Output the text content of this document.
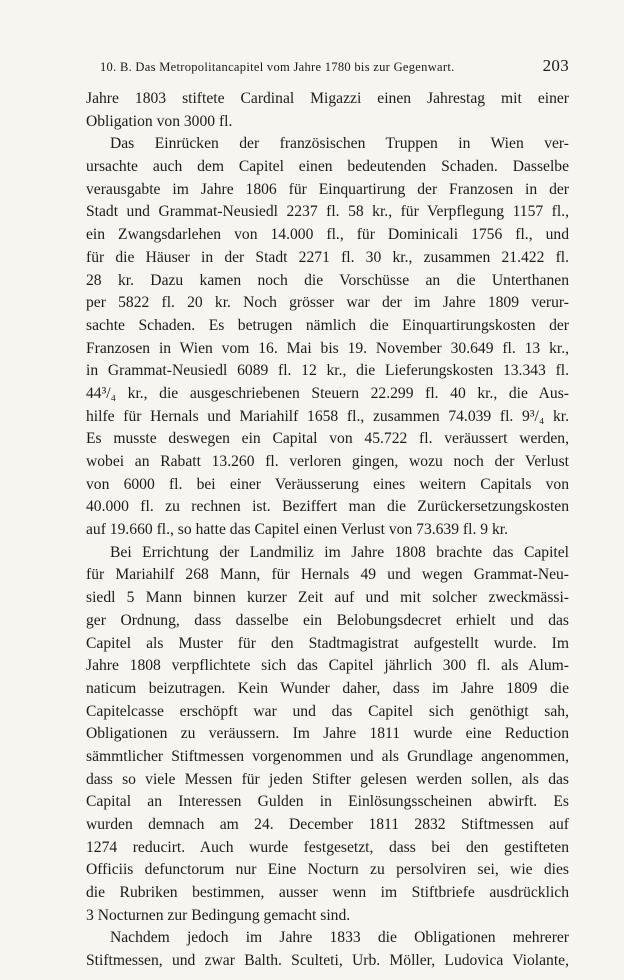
10. B. Das Metropolitancapitel vom Jahre 1780 bis zur Gegenwart.	203
Jahre 1803 stiftete Cardinal Migazzi einen Jahrestag mit einer
Obligation von 3000 fl.
Das Einrücken der französischen Truppen in Wien ver-
ursachte auch dem Capitel einen bedeutenden Schaden. Dasselbe
verausgabte im Jahre 1806 für Einquartirung der Franzosen in der
Stadt und Grammat-Neusiedl 2237 fl. 58 kr., für Verpflegung 1157 fl.,
ein Zwangsdarlehen von 14.000 fl., für Dominicali 1756 fl., und
für die Häuser in der Stadt 2271 fl. 30 kr., zusammen 21.422 fl.
28 kr. Dazu kamen noch die Vorschüsse an die Unterthanen
per 5822 fl. 20 kr. Noch grösser war der im Jahre 1809 verur-
sachte Schaden. Es betrugen nämlich die Einquartirungskosten der
Franzosen in Wien vom 16. Mai bis 19. November 30.649 fl. 13 kr.,
in Grammat-Neusiedl 6089 fl. 12 kr., die Lieferungskosten 13.343 fl.
44³/₄ kr., die ausgeschriebenen Steuern 22.299 fl. 40 kr., die Aus-
hilfe für Hernals und Mariahilf 1658 fl., zusammen 74.039 fl. 9³/₄ kr.
Es musste deswegen ein Capital von 45.722 fl. veräussert werden,
wobei an Rabatt 13.260 fl. verloren gingen, wozu noch der Verlust
von 6000 fl. bei einer Veräusserung eines weitern Capitals von
40.000 fl. zu rechnen ist. Beziffert man die Zurückersetzungskosten
auf 19.660 fl., so hatte das Capitel einen Verlust von 73.639 fl. 9 kr.
Bei Errichtung der Landmiliz im Jahre 1808 brachte das Capitel
für Mariahilf 268 Mann, für Hernals 49 und wegen Grammat-Neu-
siedl 5 Mann binnen kurzer Zeit auf und mit solcher zweckmässi-
ger Ordnung, dass dasselbe ein Belobungsdecret erhielt und das
Capitel als Muster für den Stadtmagistrat aufgestellt wurde. Im
Jahre 1808 verpflichtete sich das Capitel jährlich 300 fl. als Alum-
naticum beizutragen. Kein Wunder daher, dass im Jahre 1809 die
Capitelcasse erschöpft war und das Capitel sich genöthigt sah,
Obligationen zu veräussern. Im Jahre 1811 wurde eine Reduction
sämmtlicher Stiftmessen vorgenommen und als Grundlage angenommen,
dass so viele Messen für jeden Stifter gelesen werden sollen, als das
Capital an Interessen Gulden in Einlösungsscheinen abwirft. Es
wurden demnach am 24. December 1811 2832 Stiftmessen auf
1274 reducirt. Auch wurde festgesetzt, dass bei den gestifteten
Officiis defunctorum nur Eine Nocturn zu persolviren sei, wie dies
die Rubriken bestimmen, ausser wenn im Stiftbriefe ausdrücklich
3 Nocturnen zur Bedingung gemacht sind.
Nachdem jedoch im Jahre 1833 die Obligationen mehrerer
Stiftmessen, und zwar Balth. Sculteti, Urb. Möller, Ludovica Violante,
